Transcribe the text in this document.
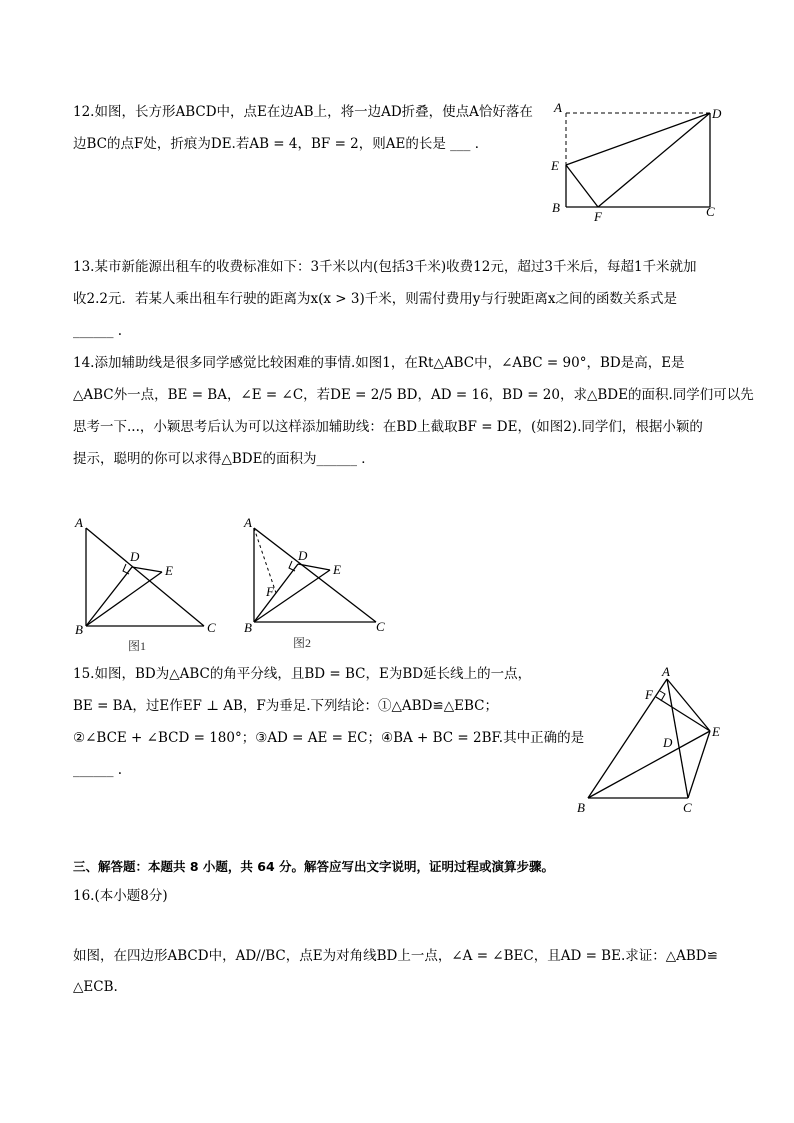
12.如图，长方形ABCD中，点E在边AB上，将一边AD折叠，使点A恰好落在
边BC的点F处，折痕为DE.若AB = 4，BF = 2，则AE的长是 ___ ．
A	D
E
B
F	C
13.某市新能源出租车的收费标准如下：3千米以内(包括3千米)收费12元，超过3千米后，每超1千米就加
收2.2元．若某人乘出租车行驶的距离为x(x > 3)千米，则需付费用y与行驶距离x之间的函数关系式是
______ .
14.添加辅助线是很多同学感觉比较困难的事情.如图1，在Rt△ABC中，∠ABC = 90°，BD是高，E是
△ABC外一点，BE = BA，∠E = ∠C，若DE = 2/5 BD，AD = 16，BD = 20，求△BDE的面积.同学们可以先
思考一下...，小颖思考后认为可以这样添加辅助线：在BD上截取BF = DE，(如图2).同学们，根据小颖的
提示，聪明的你可以求得△BDE的面积为______ ．
A
D
E
B	C
图1
A
D
E
F
B	C
图2
15.如图，BD为△ABC的角平分线，且BD = BC，E为BD延长线上的一点，
BE = BA，过E作EF ⊥ AB，F为垂足.下列结论：①△ABD≌△EBC；
②∠BCE + ∠BCD = 180°；③AD = AE = EC；④BA + BC = 2BF.其中正确的是
______ .
A
F
D
E
B	C
三、解答题：本题共 8 小题，共 64 分。解答应写出文字说明，证明过程或演算步骤。
16.(本小题8分)
如图，在四边形ABCD中，AD//BC，点E为对角线BD上一点，∠A = ∠BEC，且AD = BE.求证：△ABD≌
△ECB.
